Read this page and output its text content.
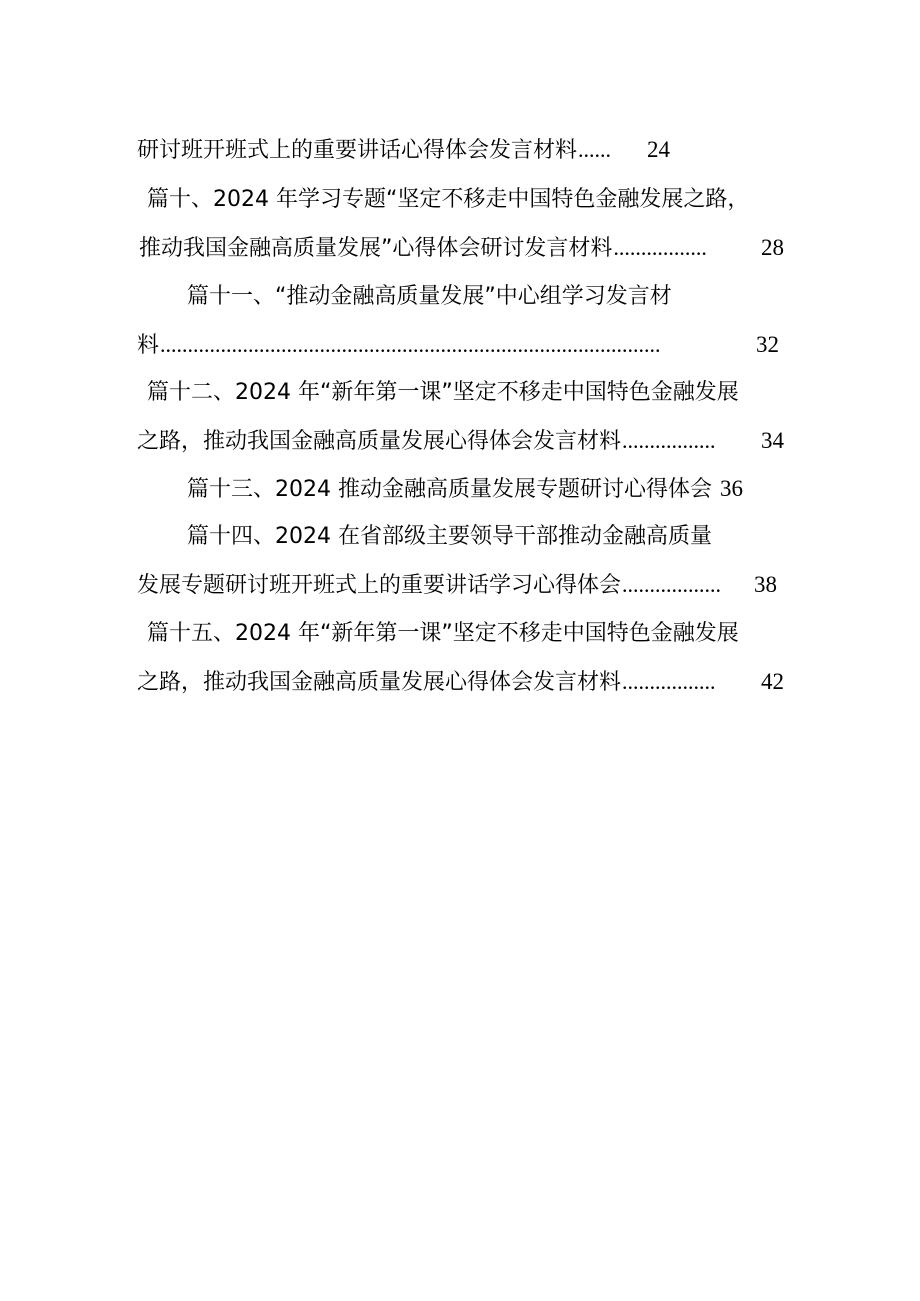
研讨班开班式上的重要讲话心得体会发言材料 ......	24
篇十、2024 年学习专题“坚定不移走中国特色金融发展之路，
推动我国金融高质量发展”心得体会研讨发言材料 .................	28
篇十一、“推动金融高质量发展”中心组学习发言材
料 ...........................................................................................	32
篇十二、2024 年“新年第一课”坚定不移走中国特色金融发展
之路，推动我国金融高质量发展心得体会发言材料 .................	34
篇十三、2024 推动金融高质量发展专题研讨心得体会 36
篇十四、2024 在省部级主要领导干部推动金融高质量
发展专题研讨班开班式上的重要讲话学习心得体会 ..................	38
篇十五、2024 年“新年第一课”坚定不移走中国特色金融发展
之路，推动我国金融高质量发展心得体会发言材料 .................	42
